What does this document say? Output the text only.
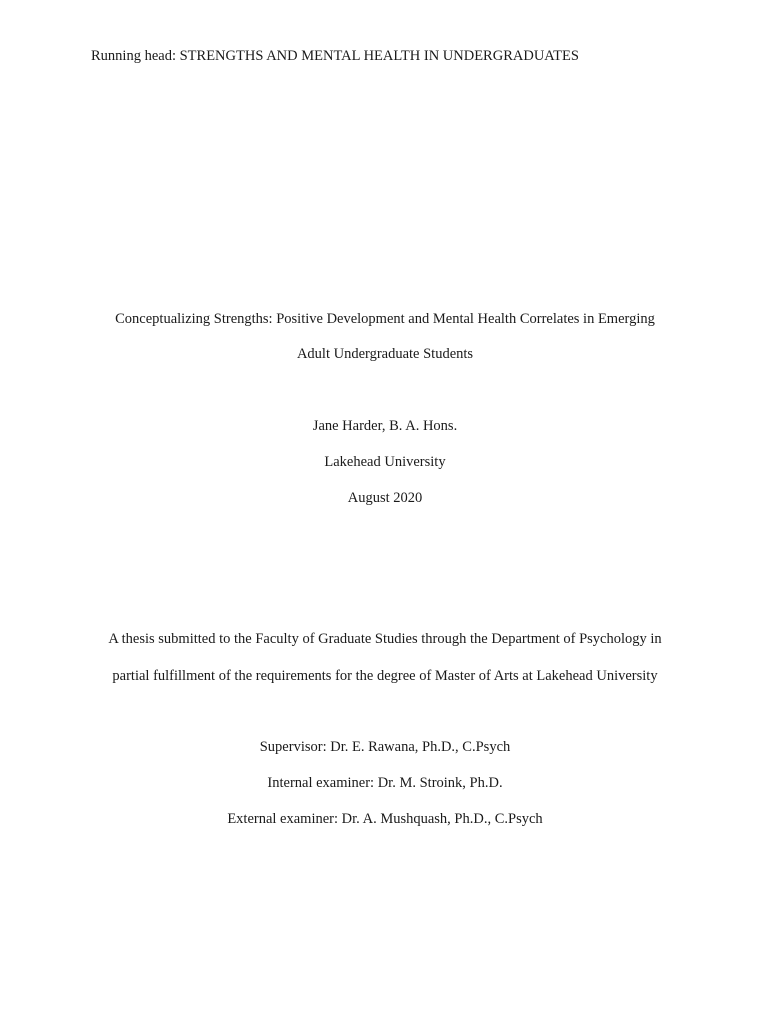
Running head: STRENGTHS AND MENTAL HEALTH IN UNDERGRADUATES
Conceptualizing Strengths: Positive Development and Mental Health Correlates in Emerging
Adult Undergraduate Students
Jane Harder, B. A. Hons.
Lakehead University
August 2020
A thesis submitted to the Faculty of Graduate Studies through the Department of Psychology in
partial fulfillment of the requirements for the degree of Master of Arts at Lakehead University
Supervisor: Dr. E. Rawana, Ph.D., C.Psych
Internal examiner: Dr. M. Stroink, Ph.D.
External examiner: Dr. A. Mushquash, Ph.D., C.Psych
